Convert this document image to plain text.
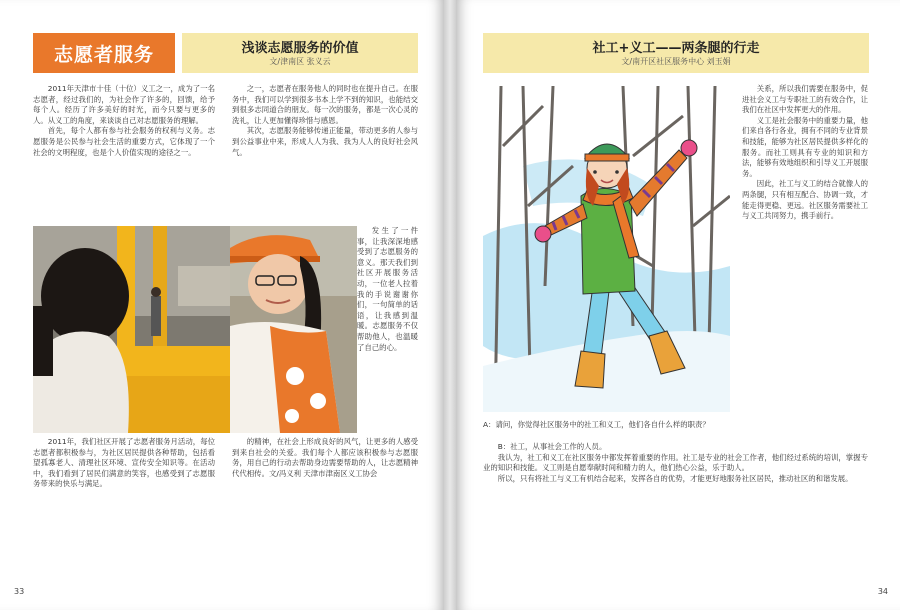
志愿者服务	浅谈志愿服务的价值
文/津南区 张义云

2011年天津市十佳（十位）义工之一，成为了一名志愿者，经过我们的，为社会作了许多的，回馈，给予每个人。经历了许多美好的时光，而今只要与更多的人。从义工的角度，来谈谈自己对志愿服务的理解。

首先，每个人都有参与社会服务的权利与义务。志愿服务是公民参与社会生活的重要方式，它体现了一个社会的文明程度，也是个人价值实现的途径之一。

之一，志愿者在服务他人的同时也在提升自己。在服务中，我们可以学到很多书本上学不到的知识，也能结交到很多志同道合的朋友。每一次的服务，都是一次心灵的洗礼，让人更加懂得珍惜与感恩。

其次，志愿服务能够传递正能量，带动更多的人参与到公益事业中来，形成人人为我、我为人人的良好社会风气。

发生了一件事，让我深深地感受到了志愿服务的意义。那天我们到社区开展服务活动，一位老人拉着我的手说谢谢你们，一句简单的话语，让我感到温暖。志愿服务不仅帮助他人，也温暖了自己的心。

2011年，我们社区开展了志愿者服务月活动，每位志愿者都积极参与，为社区居民提供各种帮助，包括看望孤寡老人、清理社区环境、宣传安全知识等。在活动中，我们看到了居民们满意的笑容，也感受到了志愿服务带来的快乐与满足。

的精神，在社会上形成良好的风气，让更多的人感受到来自社会的关爱。我们每个人都应该积极参与志愿服务，用自己的行动去帮助身边需要帮助的人，让志愿精神代代相传。文/冯义利 天津市津南区义工协会

33
社工+义工——两条腿的行走
文/南开区社区服务中心 刘玉娟
34
A：请问，你觉得社区服务中的社工和义工，他们各自什么样的职责？

关系，所以我们需要在服务中，促进社会义工与专职社工的有效合作，让我们在社区中发挥更大的作用。

义工是社会服务中的重要力量，他们来自各行各业，拥有不同的专业背景和技能，能够为社区居民提供多样化的服务。而社工则具有专业的知识和方法，能够有效地组织和引导义工开展服务。

因此，社工与义工的结合就像人的两条腿，只有相互配合、协调一致，才能走得更稳、更远。社区服务需要社工与义工共同努力，携手前行。

B：社工，从事社会工作的人员。

我认为，社工和义工在社区服务中都发挥着重要的作用。社工是专业的社会工作者，他们经过系统的培训，掌握专业的知识和技能。义工则是自愿奉献时间和精力的人，他们热心公益，乐于助人。

所以，只有将社工与义工有机结合起来，发挥各自的优势，才能更好地服务社区居民，推动社区的和谐发展。
